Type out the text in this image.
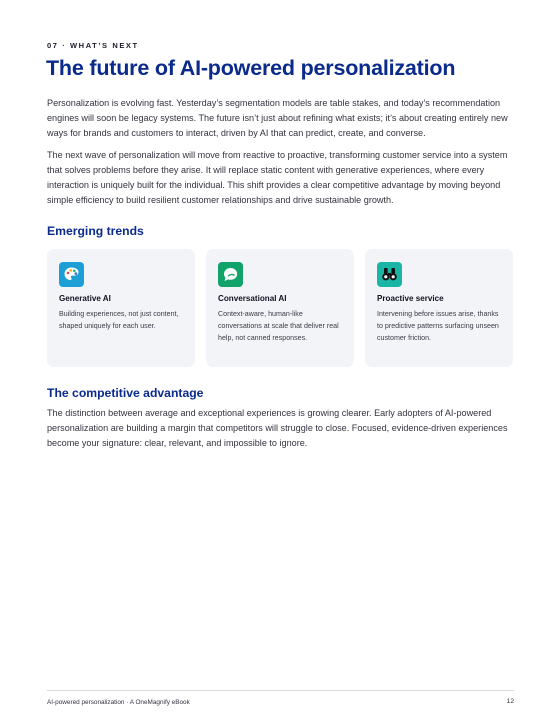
07 · WHAT’S NEXT
The future of AI-powered personalization

Personalization is evolving fast. Yesterday’s segmentation models are table stakes, and today’s recommendation engines will soon be legacy systems. The future isn’t just about refining what exists; it’s about creating entirely new ways for brands and customers to interact, driven by AI that can predict, create, and converse.

The next wave of personalization will move from reactive to proactive, transforming customer service into a system that solves problems before they arise. It will replace static content with generative experiences, where every interaction is uniquely built for the individual. This shift provides a clear competitive advantage by moving beyond simple efficiency to build resilient customer relationships and drive sustainable growth.

Emerging trends
Generative AI
Building experiences, not just content, shaped uniquely for each user.
Conversational AI
Context-aware, human-like conversations at scale that deliver real help, not canned responses.
Proactive service
Intervening before issues arise, thanks to predictive patterns surfacing unseen customer friction.
The competitive advantage

The distinction between average and exceptional experiences is growing clearer. Early adopters of AI-powered personalization are building a margin that competitors will struggle to close. Focused, evidence-driven experiences become your signature: clear, relevant, and impossible to ignore.

AI-powered personalization · A OneMagnify eBook	12
